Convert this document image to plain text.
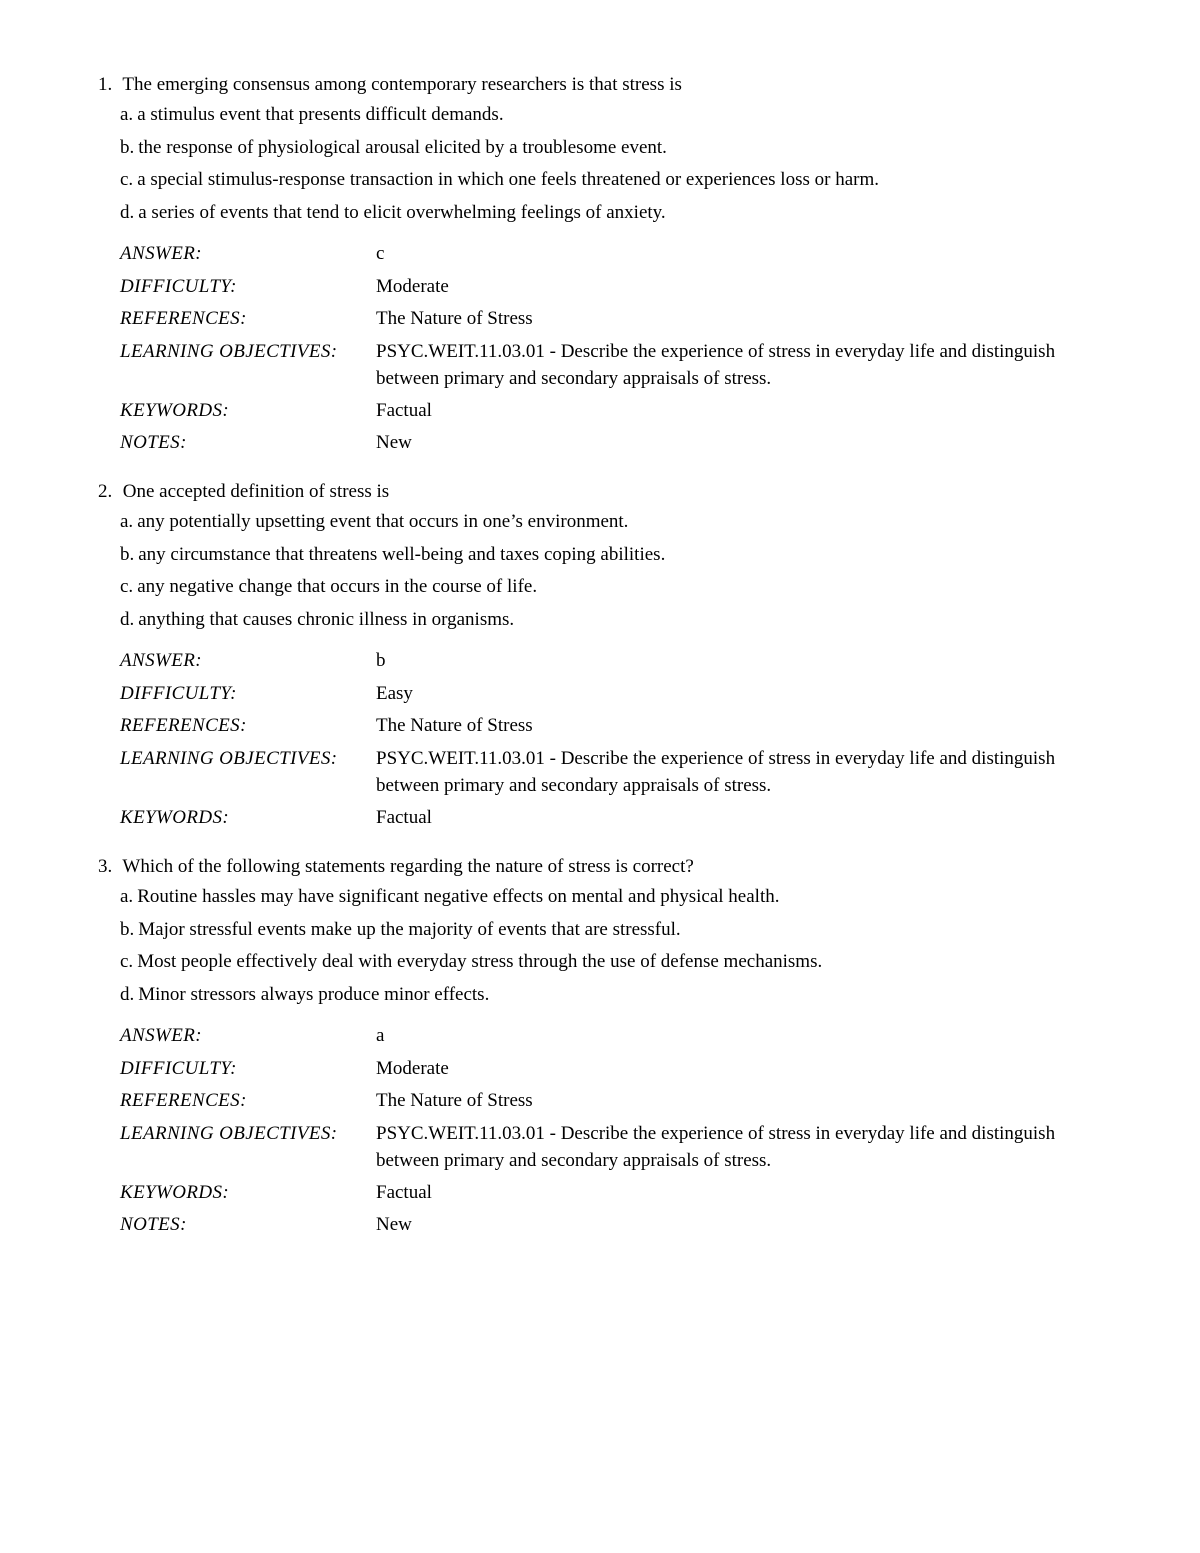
1. The emerging consensus among contemporary researchers is that stress is
a. a stimulus event that presents difficult demands.
b. the response of physiological arousal elicited by a troublesome event.
c. a special stimulus-response transaction in which one feels threatened or experiences loss or harm.
d. a series of events that tend to elicit overwhelming feelings of anxiety.
ANSWER:	c
DIFFICULTY:	Moderate
REFERENCES:	The Nature of Stress
LEARNING OBJECTIVES:	PSYC.WEIT.11.03.01 - Describe the experience of stress in everyday life and distinguish between primary and secondary appraisals of stress.
KEYWORDS:	Factual
NOTES:	New
2. One accepted definition of stress is
a. any potentially upsetting event that occurs in one’s environment.
b. any circumstance that threatens well-being and taxes coping abilities.
c. any negative change that occurs in the course of life.
d. anything that causes chronic illness in organisms.
ANSWER:	b
DIFFICULTY:	Easy
REFERENCES:	The Nature of Stress
LEARNING OBJECTIVES:	PSYC.WEIT.11.03.01 - Describe the experience of stress in everyday life and distinguish between primary and secondary appraisals of stress.
KEYWORDS:	Factual
3. Which of the following statements regarding the nature of stress is correct?
a. Routine hassles may have significant negative effects on mental and physical health.
b. Major stressful events make up the majority of events that are stressful.
c. Most people effectively deal with everyday stress through the use of defense mechanisms.
d. Minor stressors always produce minor effects.
ANSWER:	a
DIFFICULTY:	Moderate
REFERENCES:	The Nature of Stress
LEARNING OBJECTIVES:	PSYC.WEIT.11.03.01 - Describe the experience of stress in everyday life and distinguish between primary and secondary appraisals of stress.
KEYWORDS:	Factual
NOTES:	New
